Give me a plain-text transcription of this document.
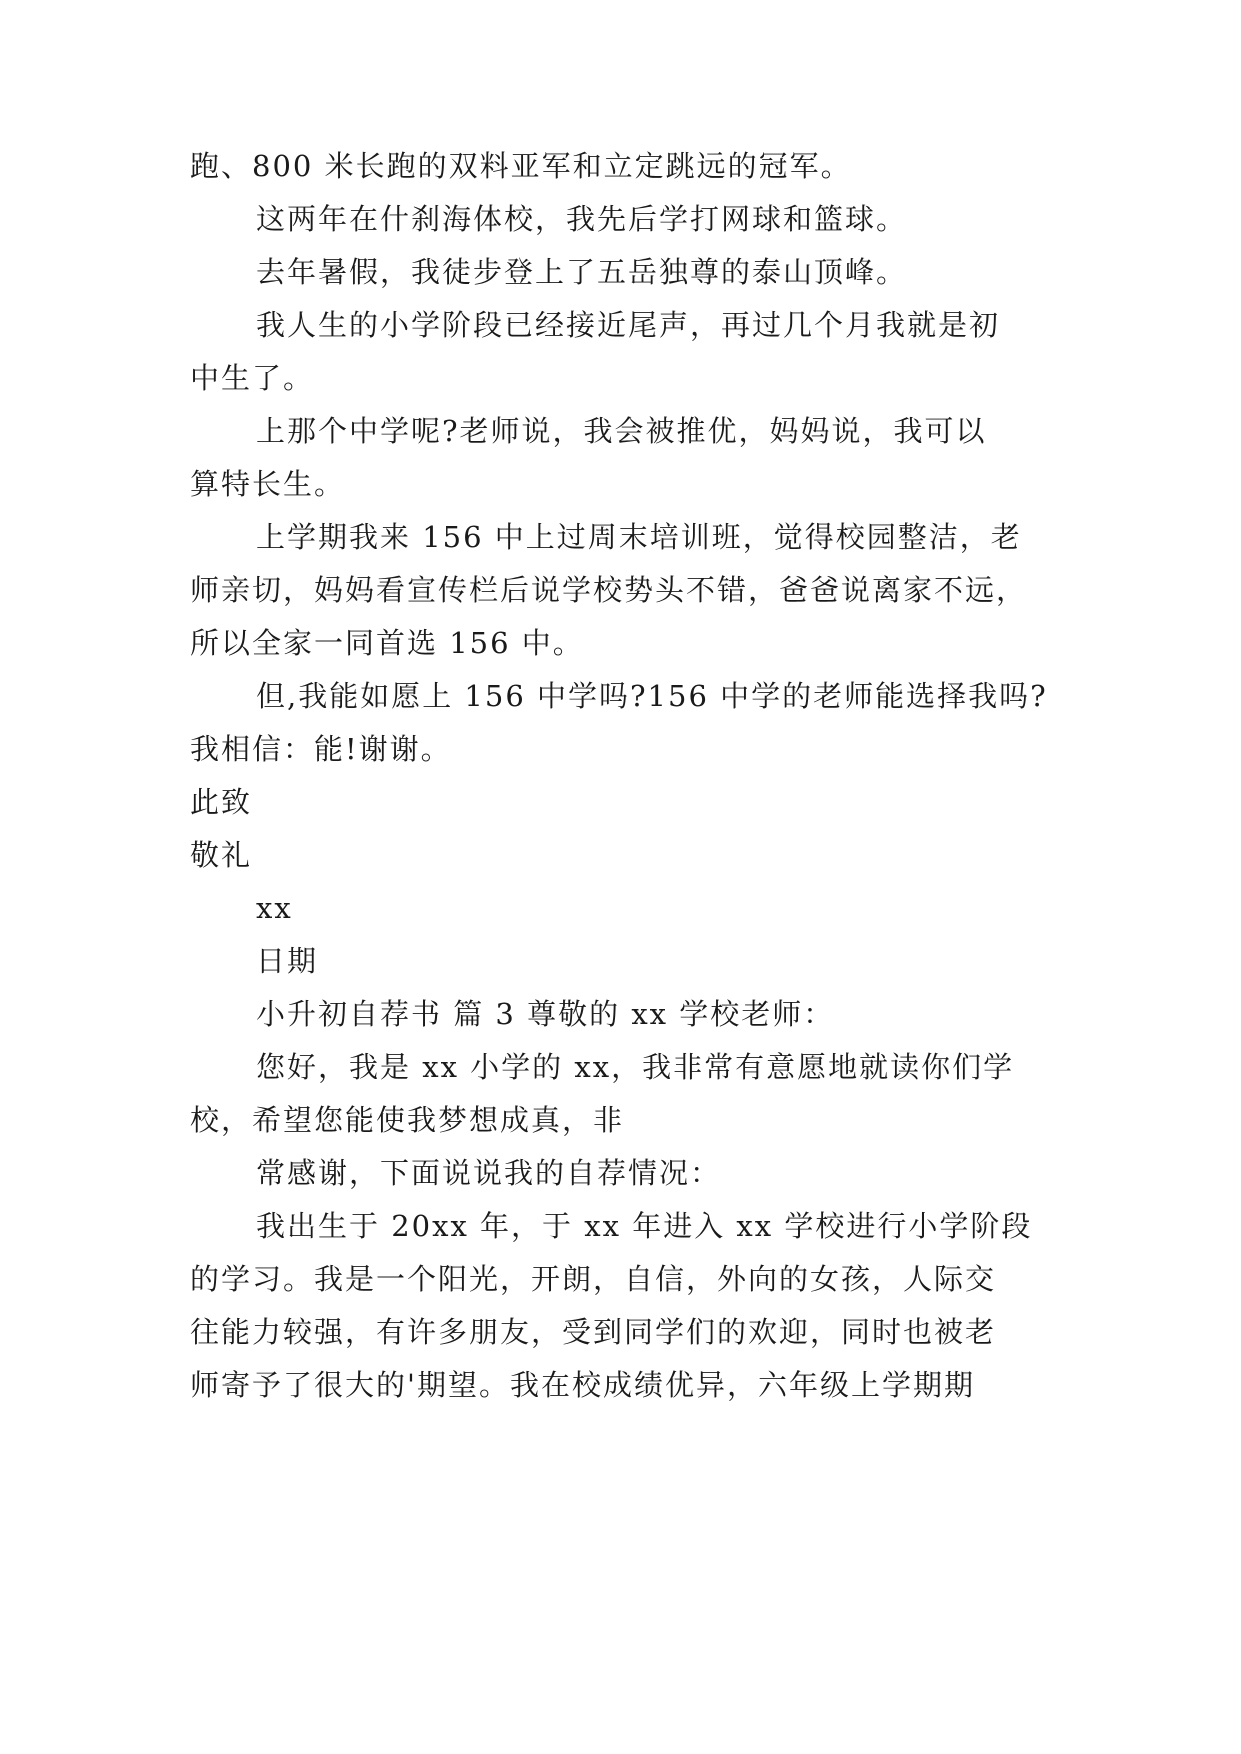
跑、800 米长跑的双料亚军和立定跳远的冠军。
这两年在什刹海体校，我先后学打网球和篮球。
去年暑假，我徒步登上了五岳独尊的泰山顶峰。
我人生的小学阶段已经接近尾声，再过几个月我就是初
中生了。
上那个中学呢?老师说，我会被推优，妈妈说，我可以
算特长生。
上学期我来 156 中上过周末培训班，觉得校园整洁，老
师亲切，妈妈看宣传栏后说学校势头不错，爸爸说离家不远，
所以全家一同首选 156 中。
但,我能如愿上 156 中学吗?156 中学的老师能选择我吗?
我相信：能!谢谢。
此致
敬礼
xx
日期
小升初自荐书 篇 3 尊敬的 xx 学校老师：
您好，我是 xx 小学的 xx，我非常有意愿地就读你们学
校，希望您能使我梦想成真，非
常感谢，下面说说我的自荐情况：
我出生于 20xx 年，于 xx 年进入 xx 学校进行小学阶段
的学习。我是一个阳光，开朗，自信，外向的女孩，人际交
往能力较强，有许多朋友，受到同学们的欢迎，同时也被老
师寄予了很大的'期望。我在校成绩优异，六年级上学期期
